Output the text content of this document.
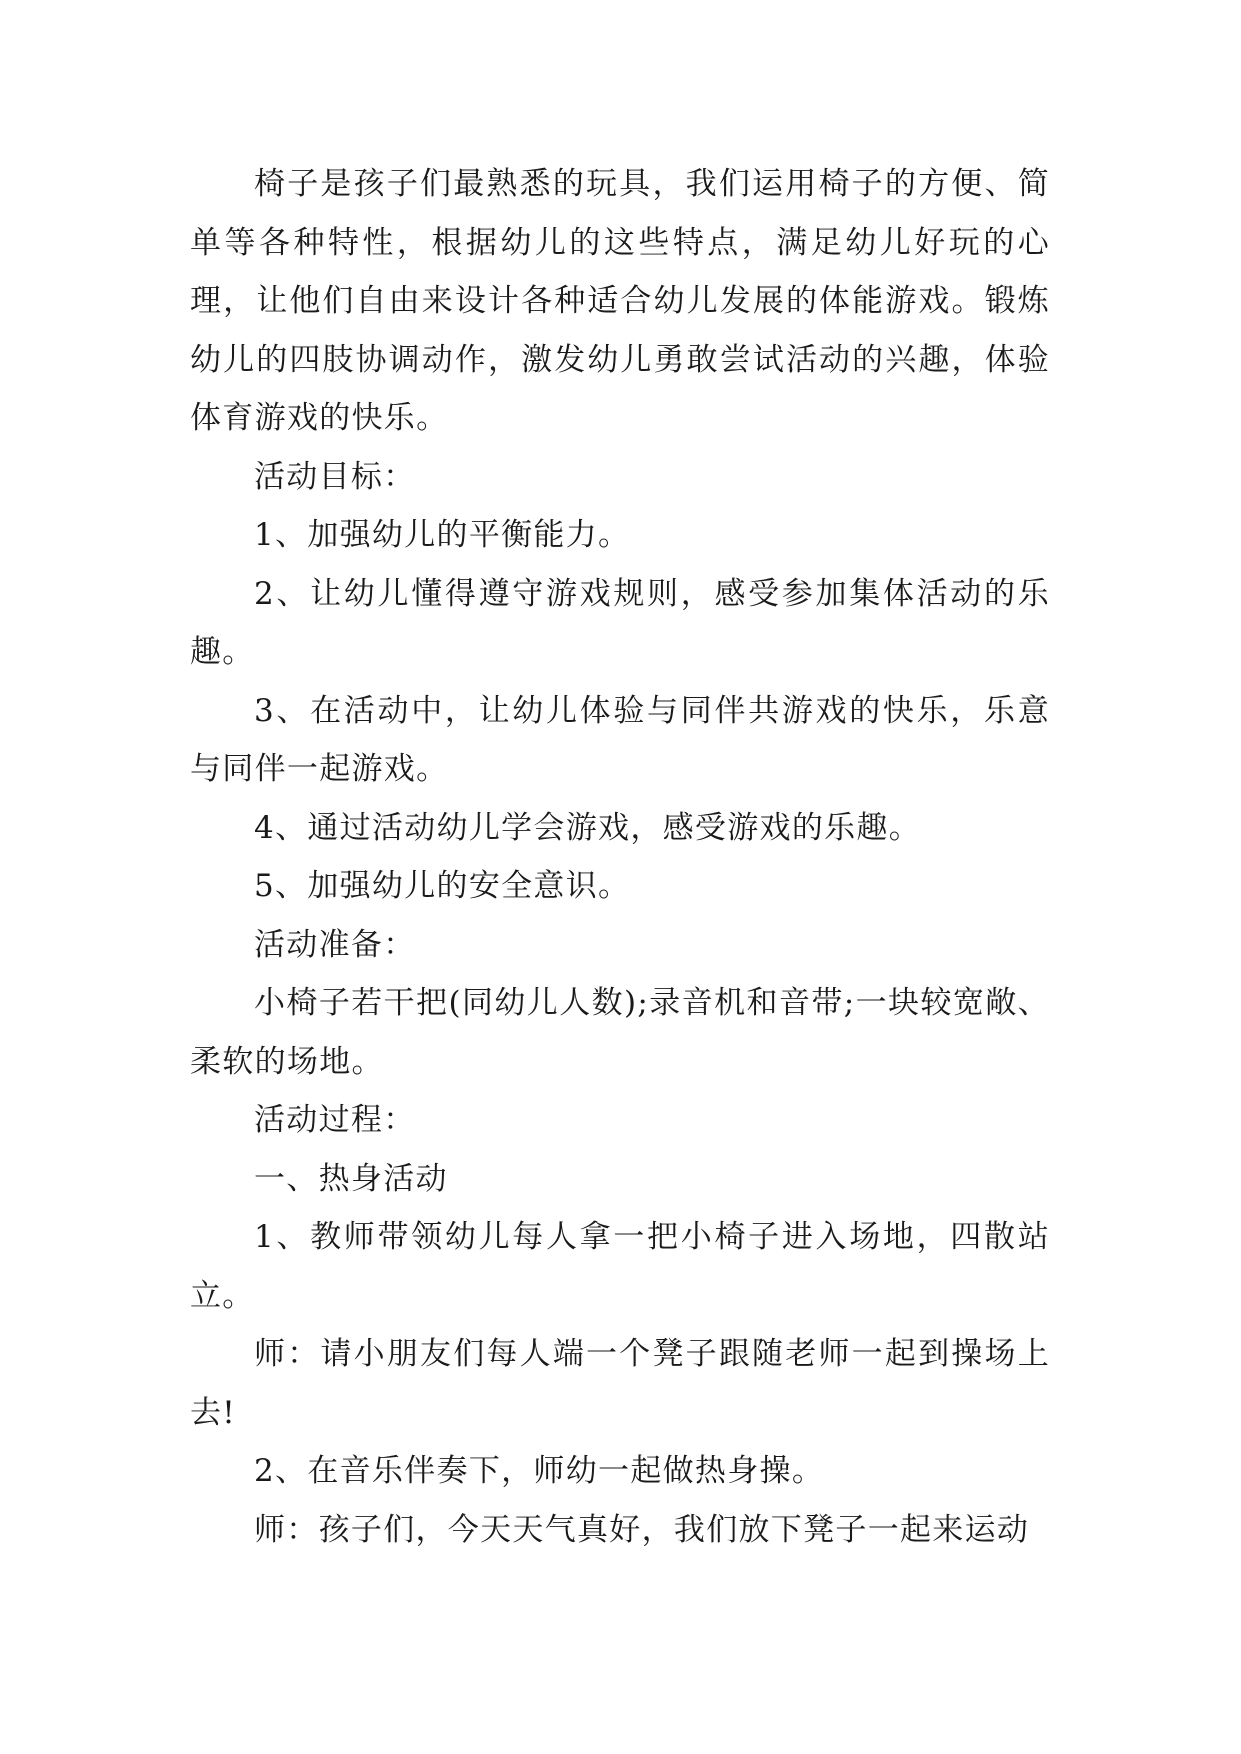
椅子是孩子们最熟悉的玩具，我们运用椅子的方便、简单等各种特性，根据幼儿的这些特点，满足幼儿好玩的心理，让他们自由来设计各种适合幼儿发展的体能游戏。锻炼幼儿的四肢协调动作，激发幼儿勇敢尝试活动的兴趣，体验体育游戏的快乐。

活动目标：

1、加强幼儿的平衡能力。

2、让幼儿懂得遵守游戏规则，感受参加集体活动的乐趣。

3、在活动中，让幼儿体验与同伴共游戏的快乐，乐意与同伴一起游戏。

4、通过活动幼儿学会游戏，感受游戏的乐趣。

5、加强幼儿的安全意识。

活动准备：

小椅子若干把(同幼儿人数);录音机和音带;一块较宽敞、柔软的场地。

活动过程：

一、热身活动

1、教师带领幼儿每人拿一把小椅子进入场地，四散站立。

师：请小朋友们每人端一个凳子跟随老师一起到操场上去!

2、在音乐伴奏下，师幼一起做热身操。

师：孩子们，今天天气真好，我们放下凳子一起来运动
